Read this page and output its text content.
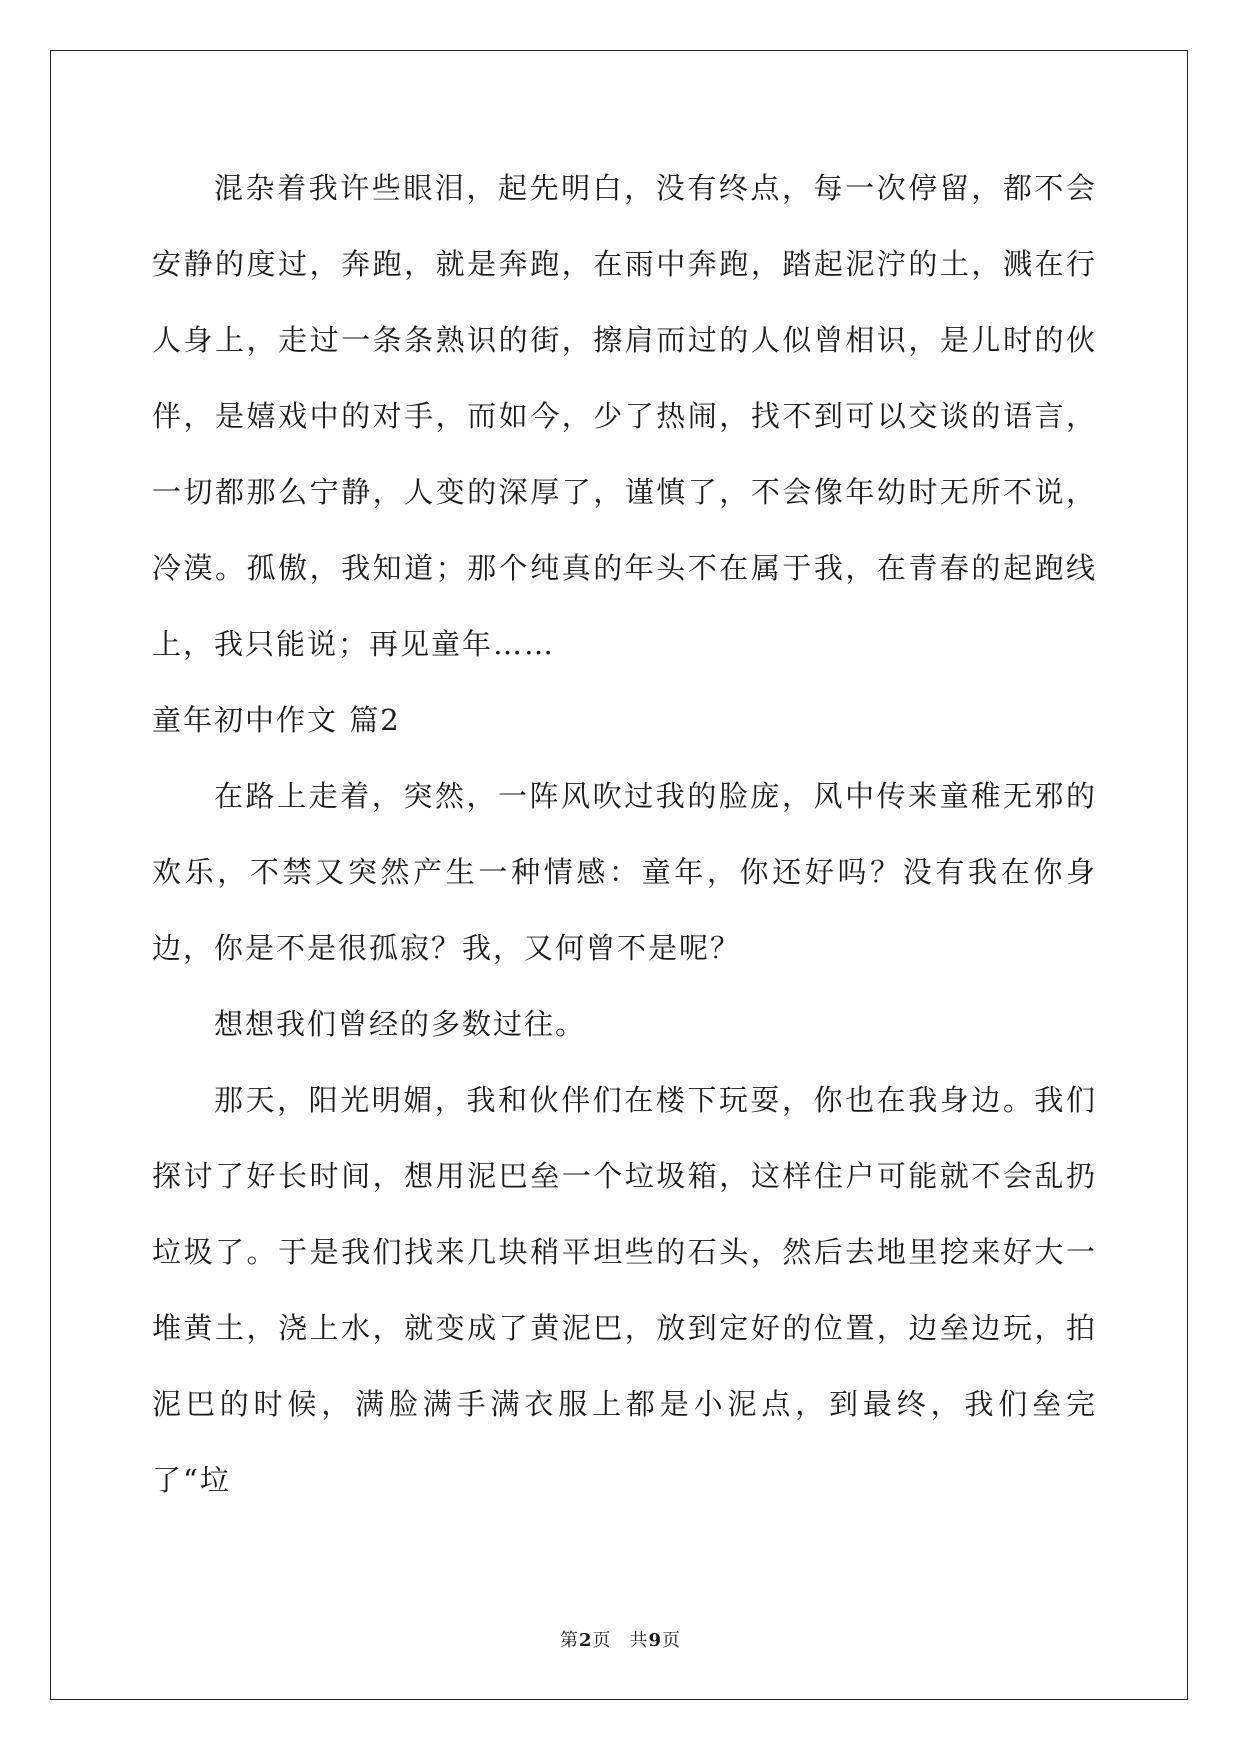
混杂着我许些眼泪，起先明白，没有终点，每一次停留，都不会安静的度过，奔跑，就是奔跑，在雨中奔跑，踏起泥泞的土，溅在行人身上，走过一条条熟识的街，擦肩而过的人似曾相识，是儿时的伙伴，是嬉戏中的对手，而如今，少了热闹，找不到可以交谈的语言，一切都那么宁静，人变的深厚了，谨慎了，不会像年幼时无所不说，冷漠。孤傲，我知道；那个纯真的年头不在属于我，在青春的起跑线上，我只能说；再见童年……

童年初中作文 篇2

在路上走着，突然，一阵风吹过我的脸庞，风中传来童稚无邪的欢乐，不禁又突然产生一种情感：童年，你还好吗？没有我在你身边，你是不是很孤寂？我，又何曾不是呢？

想想我们曾经的多数过往。

那天，阳光明媚，我和伙伴们在楼下玩耍，你也在我身边。我们探讨了好长时间，想用泥巴垒一个垃圾箱，这样住户可能就不会乱扔垃圾了。于是我们找来几块稍平坦些的石头，然后去地里挖来好大一堆黄土，浇上水，就变成了黄泥巴，放到定好的位置，边垒边玩，拍泥巴的时候，满脸满手满衣服上都是小泥点，到最终，我们垒完了“垃

第2页 共9页
